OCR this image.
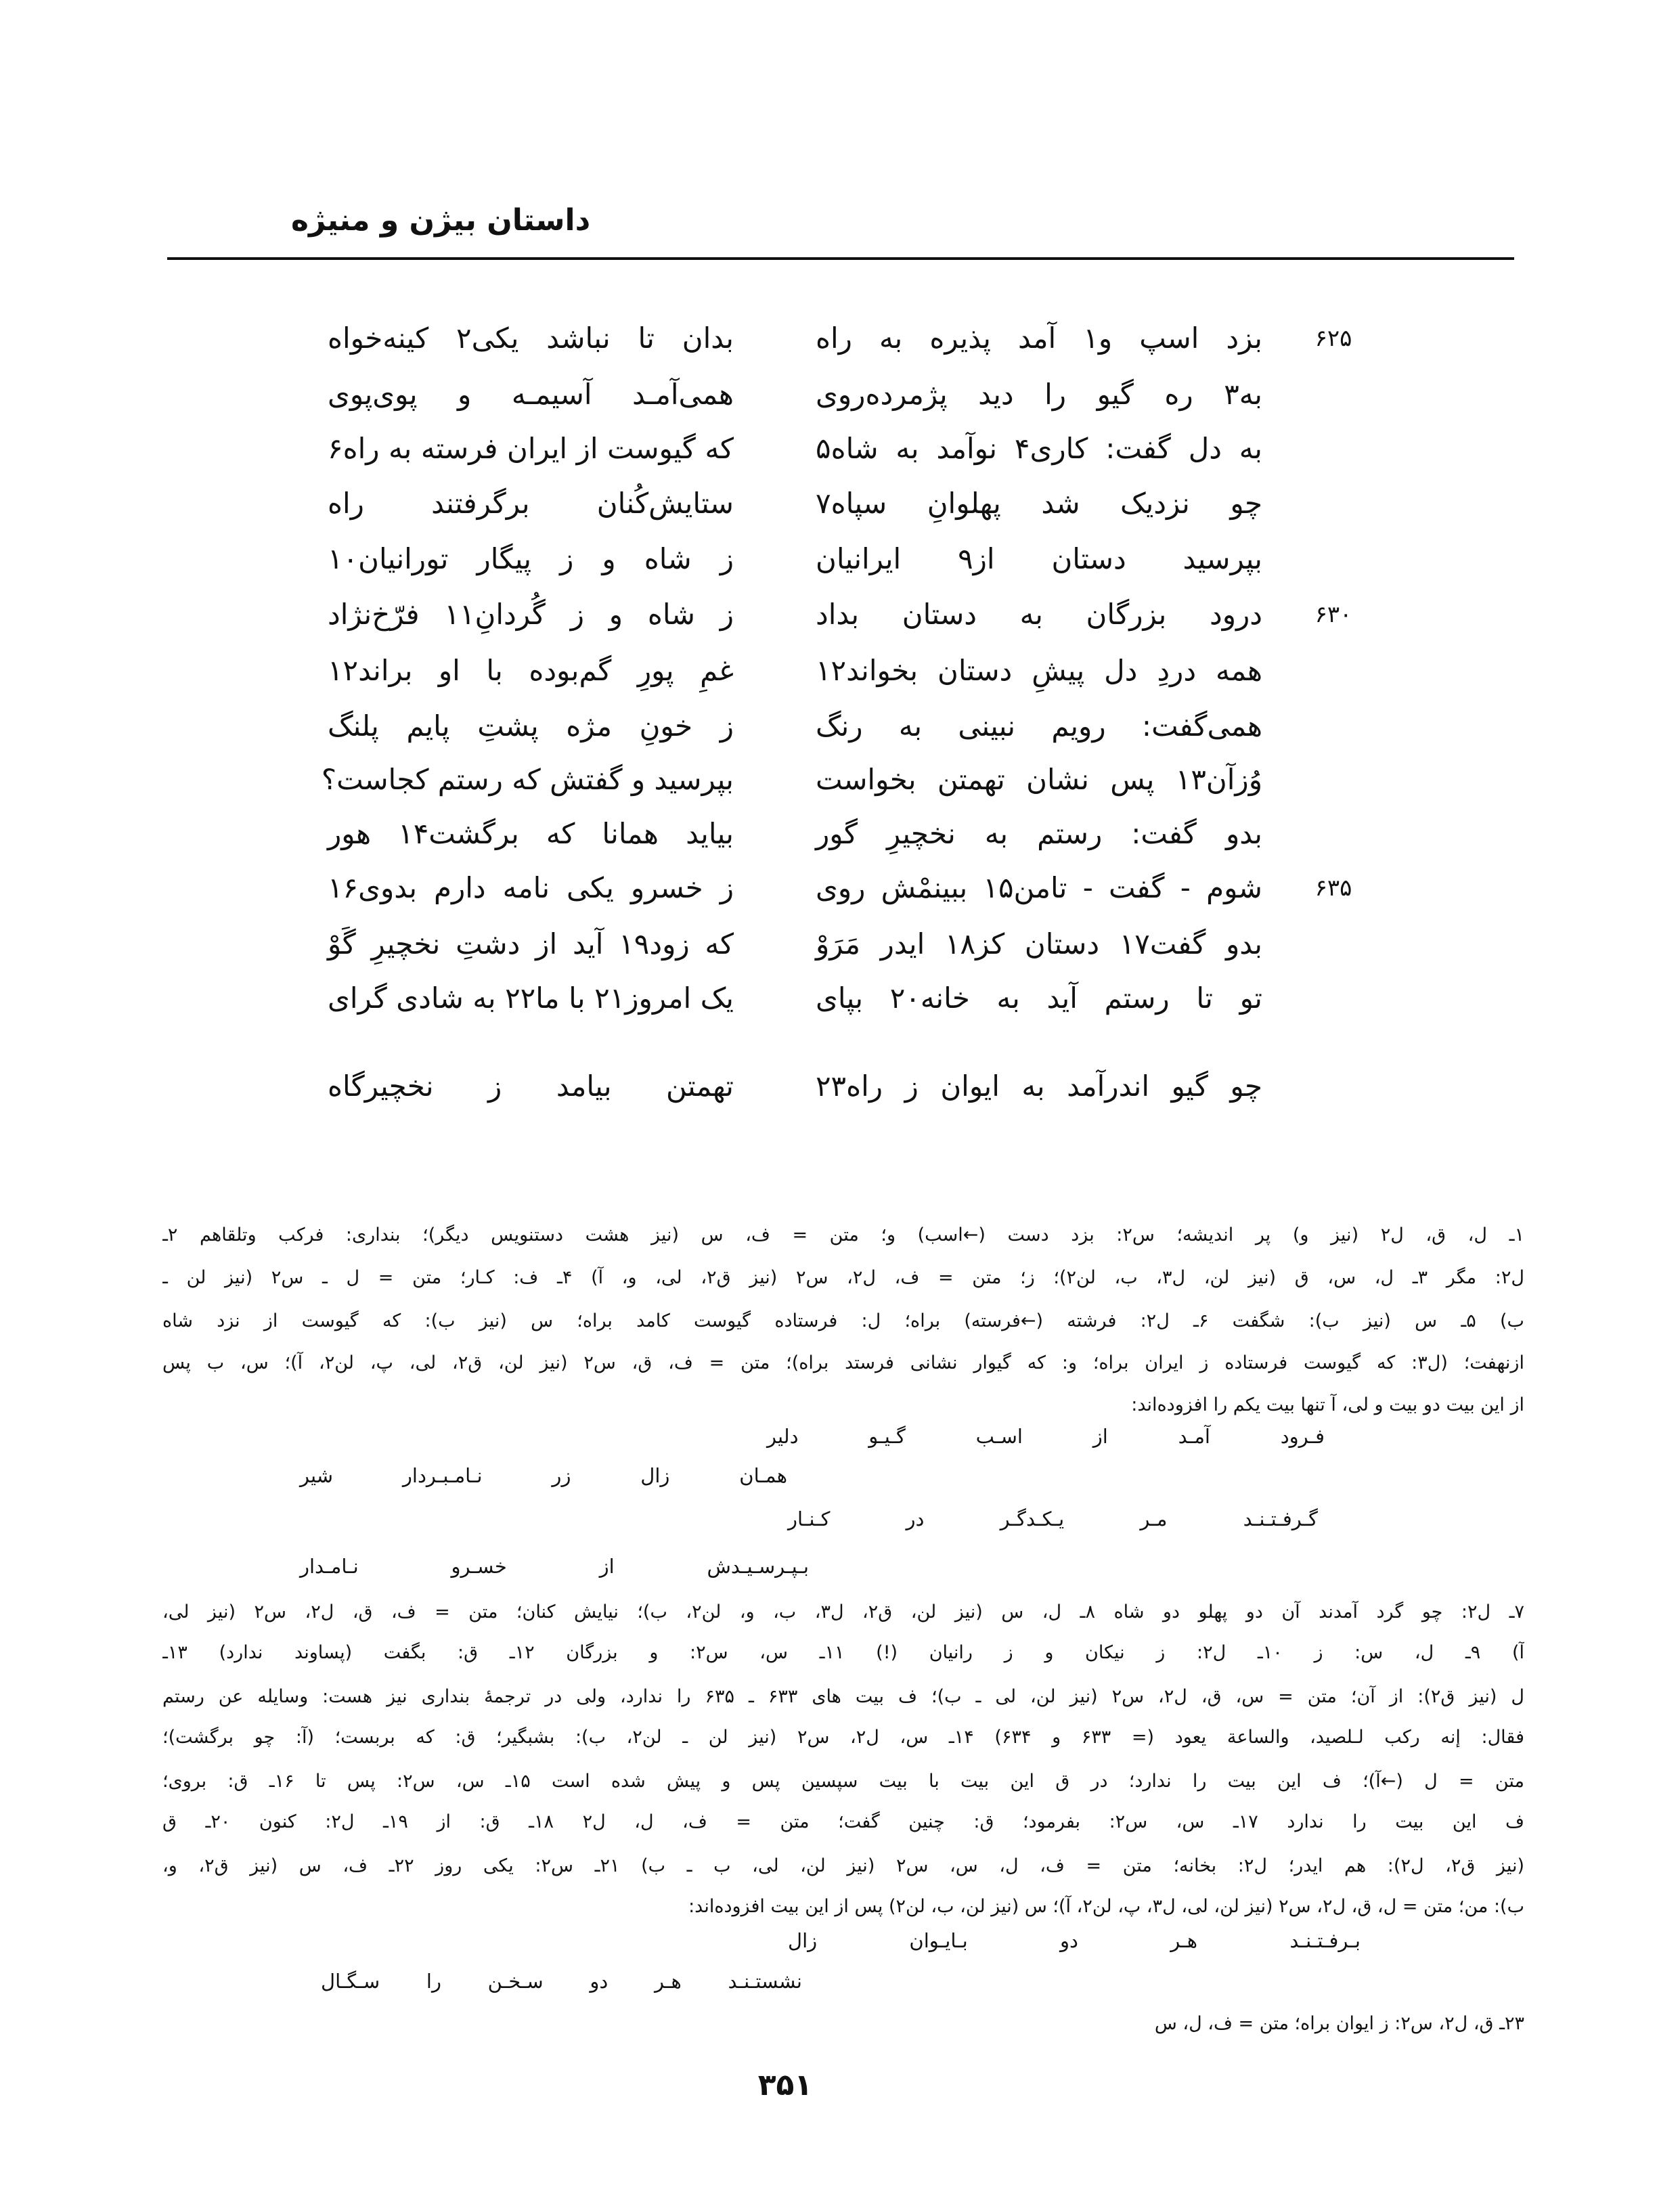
داستان بیژن و منیژه
۶۲۵
بزد اسپ و۱ آمد پذیره به راه
بدان تا نباشد یکی۲ کینه‌خواه
به۳ ره گیو را دید پژمرده‌روی
همی‌آمـد آسیمـه و پوی‌پوی
به دل گفت: کاری۴ نوآمد به شاه۵
که گیوست از ایران فرسته به راه۶
چو نزدیک شد پهلوانِ سپاه۷
ستایش‌کُنان برگرفتند راه
بپرسید دستان از۹ ایرانیان
ز شاه و ز پیگار تورانیان۱۰
۶۳۰
درود بزرگان به دستان بداد
ز شاه و ز گُردانِ۱۱ فرّخ‌نژاد
همه دردِ دل پیشِ دستان بخواند۱۲
غمِ پورِ گم‌بوده با او براند۱۲
همی‌گفت: رویم نبینی به رنگ
ز خونِ مژه پشتِ پایم پلنگ
وُزآن۱۳ پس نشان تهمتن بخواست
بپرسید و گفتش که رستم کجاست؟
بدو گفت: رستم به نخچیرِ گور
بیاید همانا که برگشت۱۴ هور
۶۳۵
شوم - گفت - تامن۱۵ ببینمْش روی
ز خسرو یکی نامه دارم بدوی۱۶
بدو گفت۱۷ دستان کز۱۸ ایدر مَرَوْ
که زود۱۹ آید از دشتِ نخچیرِ گَوْ
تو تا رستم آید به خانه۲۰ بپای
یک امروز۲۱ با ما۲۲ به شادی گرای
چو گیو اندرآمد به ایوان ز راه۲۳
تهمتن بیامد ز نخچیرگاه
۱ـ ل، ق، ل۲ (نیز و) پر اندیشه؛ س۲: بزد دست (←اسب) و؛ متن = ف، س (نیز هشت دستنویس دیگر)؛ بنداری: فرکب وتلقاهم ۲ـ
ل۲: مگر ۳ـ ل، س، ق (نیز لن، ل۳، ب، لن۲)؛ ز؛ متن = ف، ل۲، س۲ (نیز ق۲، لی، و، آ) ۴ـ ف: کـار؛ متن = ل ـ س۲ (نیز لن ـ
ب) ۵ـ س (نیز ب): شگفت ۶ـ ل۲: فرشته (←فرسته) براه؛ ل: فرستاده گیوست کامد براه؛ س (نیز ب): که گیوست از نزد شاه
ازنهفت؛ (ل۳: که گیوست فرستاده ز ایران براه؛ و: که گیوار نشانی فرستد براه)؛ متن = ف، ق، س۲ (نیز لن، ق۲، لی، پ، لن۲، آ)؛ س، ب پس
از این بیت دو بیت و لی، آ تنها بیت یکم را افزوده‌اند:
فـرود آمـد از اسـب گـیـو دلیر
همـان زال زر نـامـبـردار شیر
گـرفـتـنـد مـر یـکـدگـر در کـنـار
بـپـرسـیـدش از خسـرو نـامـدار
۷ـ ل۲: چو گرد آمدند آن دو پهلو دو شاه ۸ـ ل، س (نیز لن، ق۲، ل۳، ب، و، لن۲، ب)؛ نیایش کنان؛ متن = ف، ق، ل۲، س۲ (نیز لی،
آ) ۹ـ ل، س: ز ۱۰ـ ل۲: ز نیکان و ز رانیان (!) ۱۱ـ س، س۲: و بزرگان ۱۲ـ ق: بگفت (پساوند ندارد) ۱۳ـ
ل (نیز ق۲): از آن؛ متن = س، ق، ل۲، س۲ (نیز لن، لی ـ ب)؛ ف بیت های ۶۳۳ ـ ۶۳۵ را ندارد، ولی در ترجمهٔ بنداری نیز هست: وسایله عن رستم
فقال: إنه رکب لـلصید، والساعة یعود (= ۶۳۳ و ۶۳۴) ۱۴ـ س، ل۲، س۲ (نیز لن ـ لن۲، ب): بشبگیر؛ ق: که بربست؛ (آ: چو برگشت)؛
متن = ل (←آ)؛ ف این بیت را ندارد؛ در ق این بیت با بیت سپسین پس و پیش شده است ۱۵ـ س، س۲: پس تا ۱۶ـ ق: بروی؛
ف این بیت را ندارد ۱۷ـ س، س۲: بفرمود؛ ق: چنین گفت؛ متن = ف، ل، ل۲ ۱۸ـ ق: از ۱۹ـ ل۲: کنون ۲۰ـ ق
(نیز ق۲، ل۲): هم ایدر؛ ل۲: بخانه؛ متن = ف، ل، س، س۲ (نیز لن، لی، ب ـ ب) ۲۱ـ س۲: یکی روز ۲۲ـ ف، س (نیز ق۲، و،
ب): من؛ متن = ل، ق، ل۲، س۲ (نیز لن، لی، ل۳، پ، لن۲، آ)؛ س (نیز لن، ب، لن۲) پس از این بیت افزوده‌اند:
بـرفـتـنـد هـر دو بـایـوان زال
نشستـنـد هـر دو سـخـن را سـگـال
۲۳ـ ق، ل۲، س۲: ز ایوان براه؛ متن = ف، ل، س
۳۵۱
